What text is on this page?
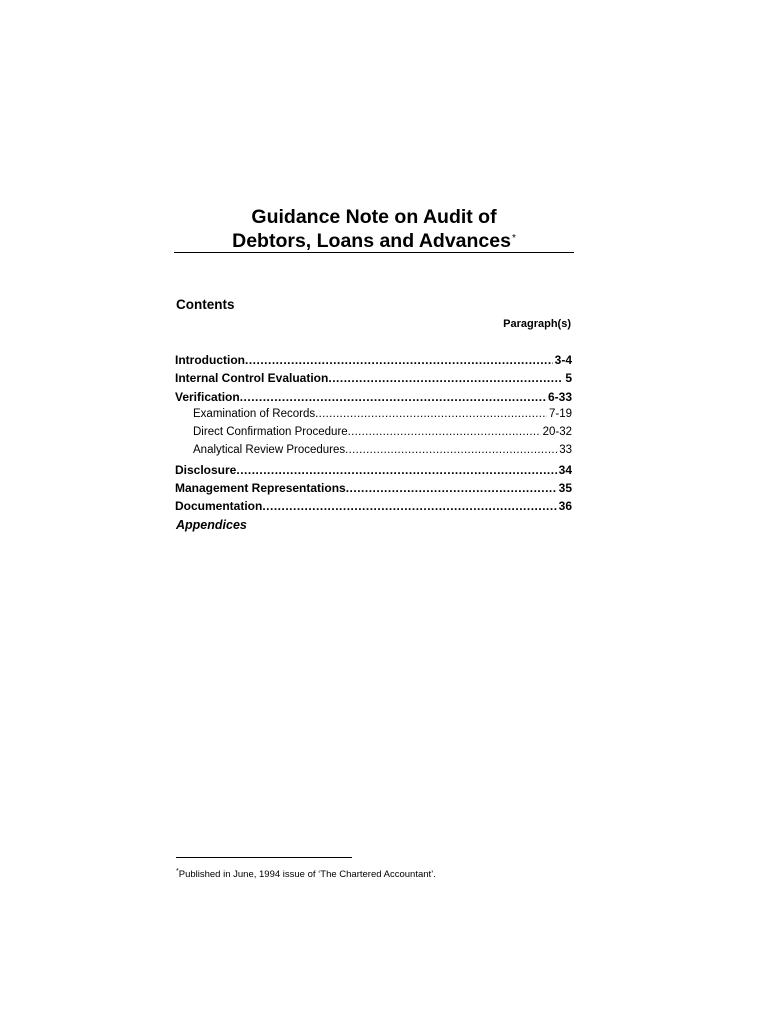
Guidance Note on Audit of
Debtors, Loans and Advances*
Contents
Paragraph(s)
Introduction .....	3-4
Internal Control Evaluation .....	5
Verification .....	6-33
Examination of Records .....	7-19
Direct Confirmation Procedure .....	20-32
Analytical Review Procedures .....	33
Disclosure .....	34
Management Representations .....	35
Documentation .....	36
Appendices
*Published in June, 1994 issue of ‘The Chartered Accountant’.
